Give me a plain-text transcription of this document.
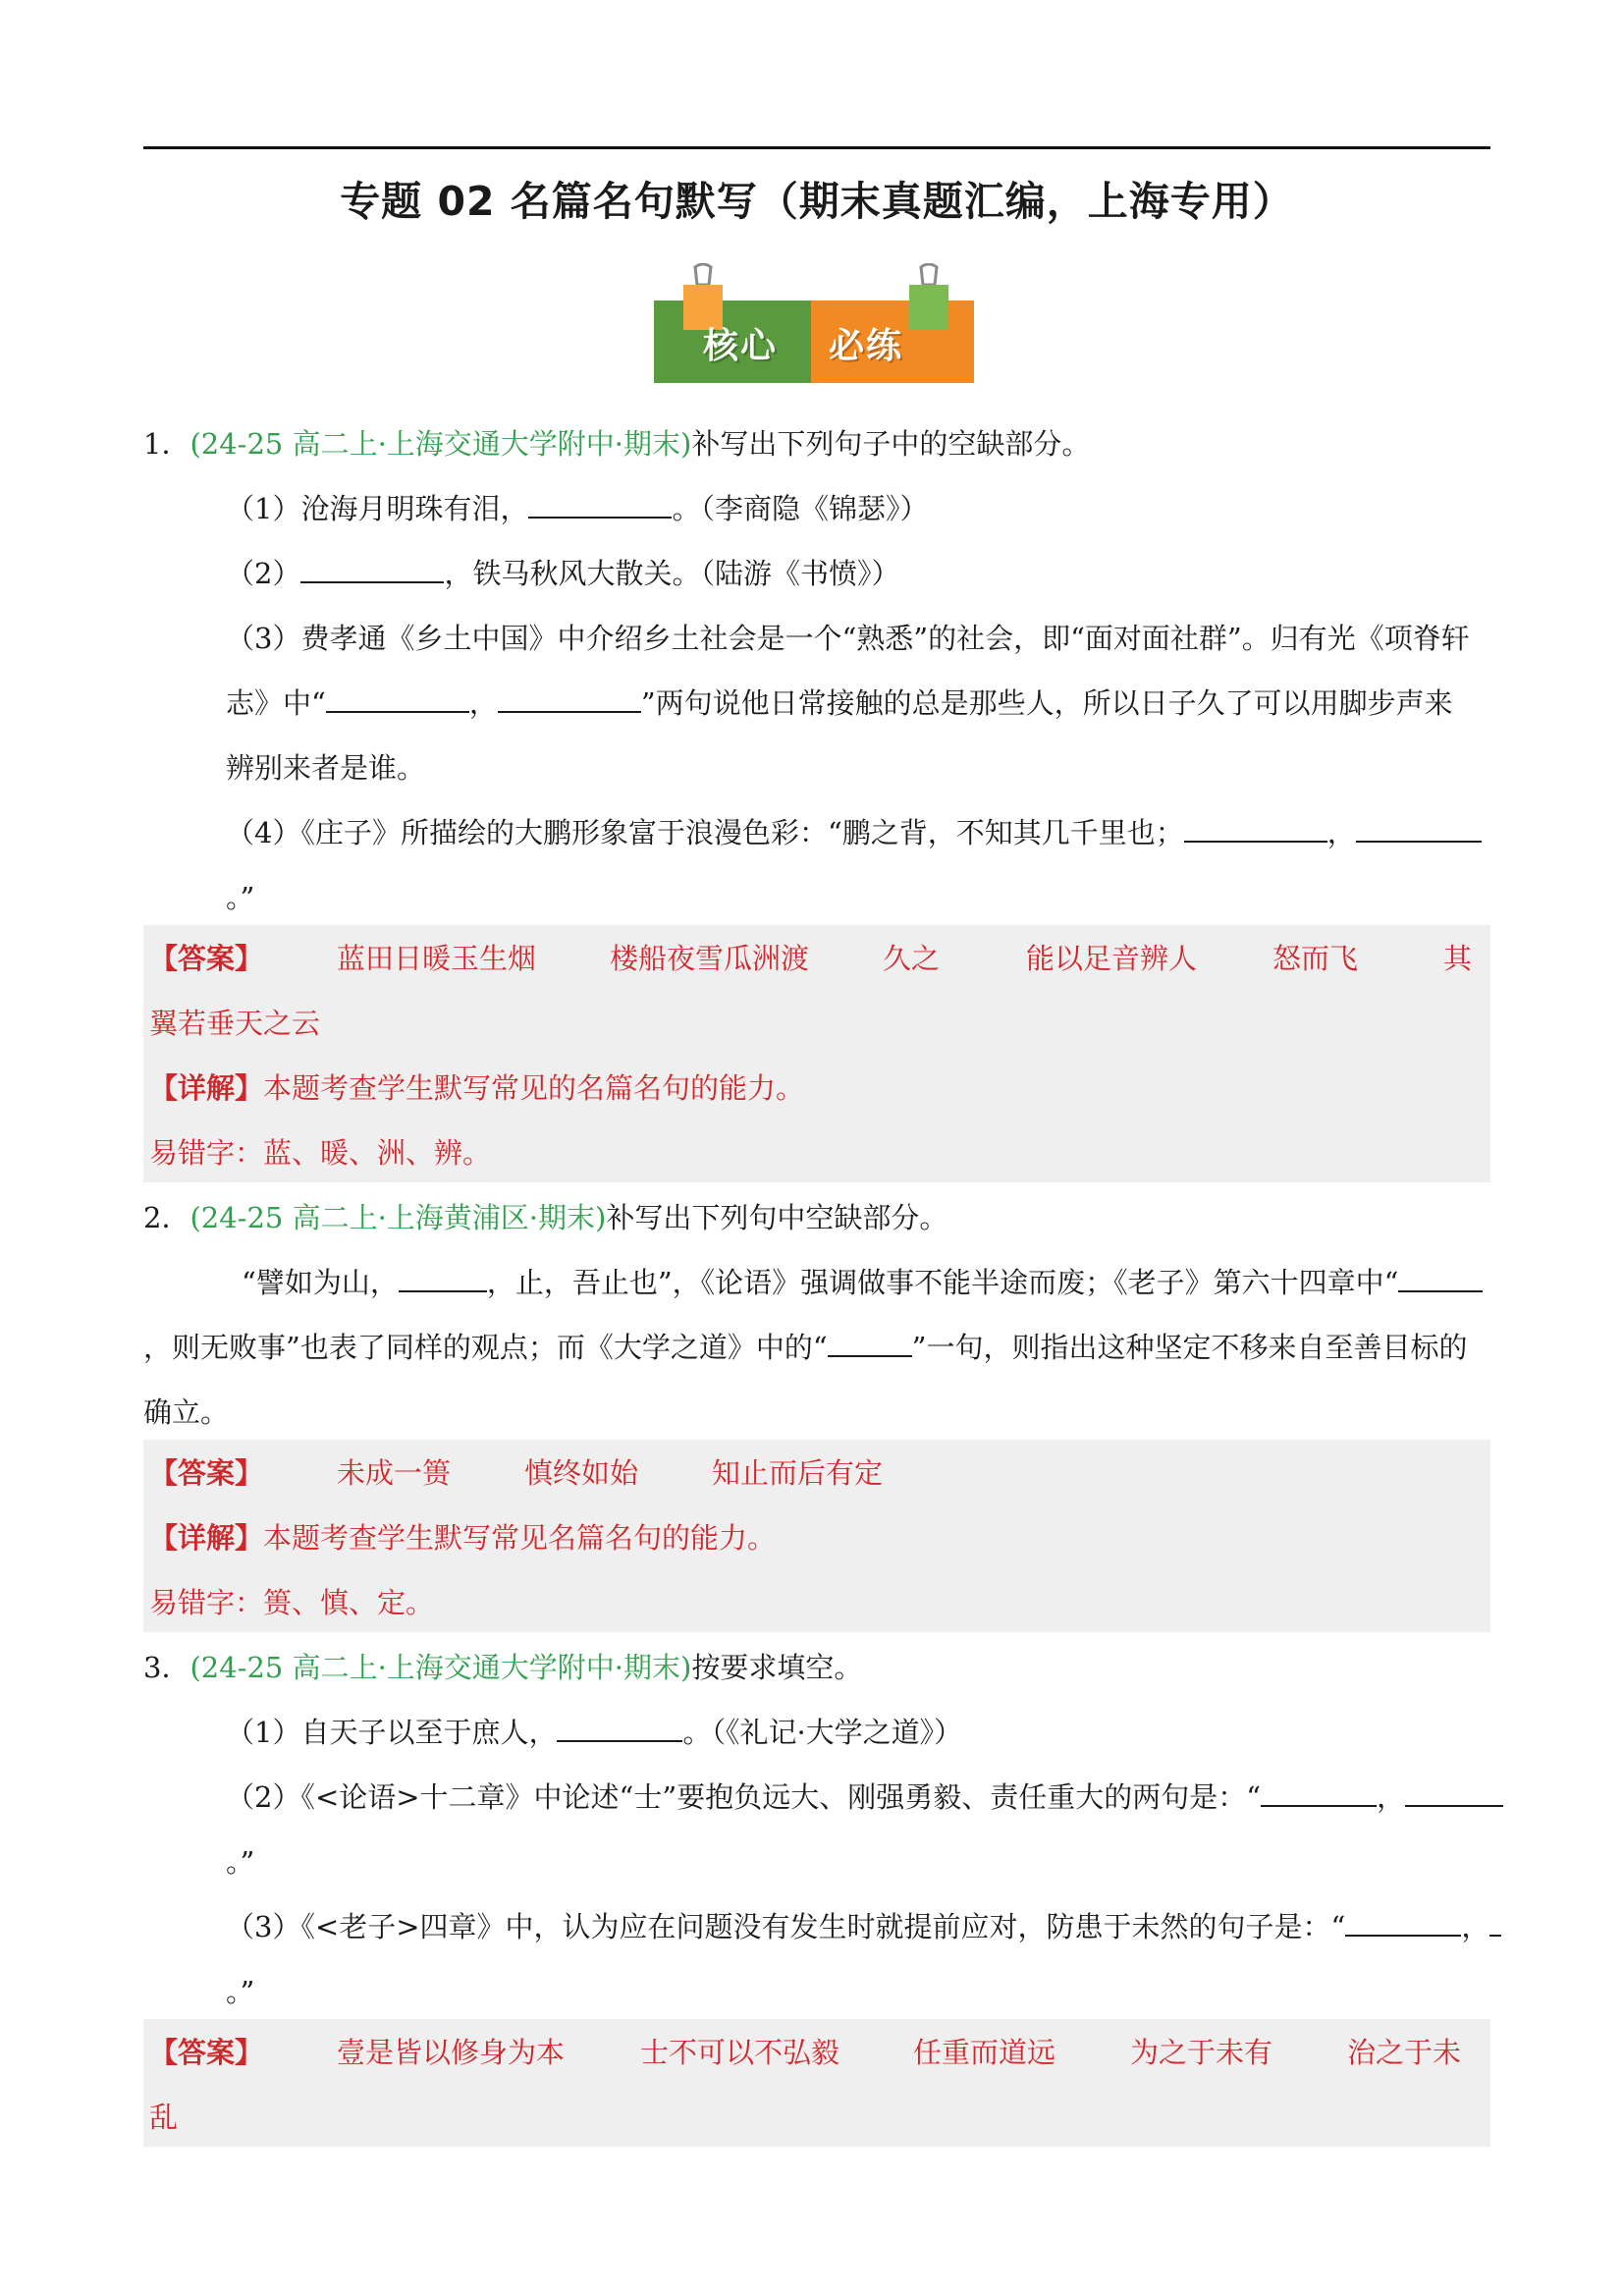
专题 02 名篇名句默写（期末真题汇编，上海专用）
核心 必练
1．(24-25 高二上·上海交通大学附中·期末)补写出下列句子中的空缺部分。
（1）沧海月明珠有泪，	。（李商隐《锦瑟》）
（2）	，铁马秋风大散关。（陆游《书愤》）
（3）费孝通《乡土中国》中介绍乡土社会是一个“熟悉”的社会，即“面对面社群”。归有光《项脊轩
志》中“	，	”两句说他日常接触的总是那些人，所以日子久了可以用脚步声来
辨别来者是谁。
（4）《庄子》所描绘的大鹏形象富于浪漫色彩：“鹏之背，不知其几千里也；	，
。”
【答案】	蓝田日暖玉生烟	楼船夜雪瓜洲渡	久之	能以足音辨人	怒而飞	其
翼若垂天之云
【详解】本题考查学生默写常见的名篇名句的能力。
易错字：蓝、暖、洲、辨。
2．(24-25 高二上·上海黄浦区·期末)补写出下列句中空缺部分。
“譬如为山，	，止，吾止也”，《论语》强调做事不能半途而废；《老子》第六十四章中“
，则无败事”也表了同样的观点；而《大学之道》中的“	”一句，则指出这种坚定不移来自至善目标的
确立。
【答案】	未成一篑	慎终如始	知止而后有定
【详解】本题考查学生默写常见名篇名句的能力。
易错字：篑、慎、定。
3．(24-25 高二上·上海交通大学附中·期末)按要求填空。
（1）自天子以至于庶人，	。（《礼记·大学之道》）
（2）《<论语>十二章》中论述“士”要抱负远大、刚强勇毅、责任重大的两句是：“	，
。”
（3）《<老子>四章》中，认为应在问题没有发生时就提前应对，防患于未然的句子是：“	，
。”
【答案】	壹是皆以修身为本	士不可以不弘毅	任重而道远	为之于未有	治之于未
乱
